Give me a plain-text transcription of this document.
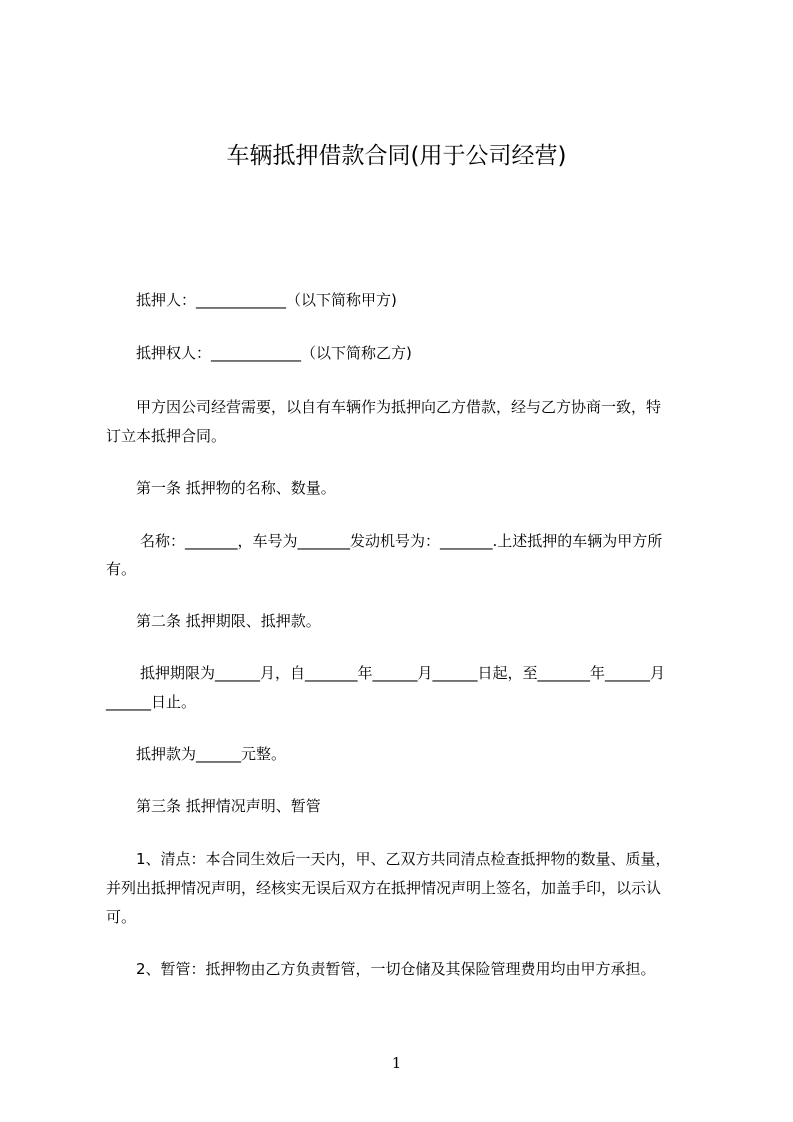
车辆抵押借款合同(用于公司经营)
抵押人：____________（以下简称甲方)
抵押权人：____________（以下简称乙方)
甲方因公司经营需要，以自有车辆作为抵押向乙方借款，经与乙方协商一致，特
订立本抵押合同。
第一条 抵押物的名称、数量。
名称：_______，车号为_______发动机号为：_______.上述抵押的车辆为甲方所
有。
第二条 抵押期限、抵押款。
抵押期限为______月，自_______年______月______日起，至_______年______月
______日止。
抵押款为______元整。
第三条 抵押情况声明、暂管
1、清点：本合同生效后一天内，甲、乙双方共同清点检查抵押物的数量、质量，
并列出抵押情况声明，经核实无误后双方在抵押情况声明上签名，加盖手印，以示认
可。
2、暂管：抵押物由乙方负责暂管，一切仓储及其保险管理费用均由甲方承担。
1
